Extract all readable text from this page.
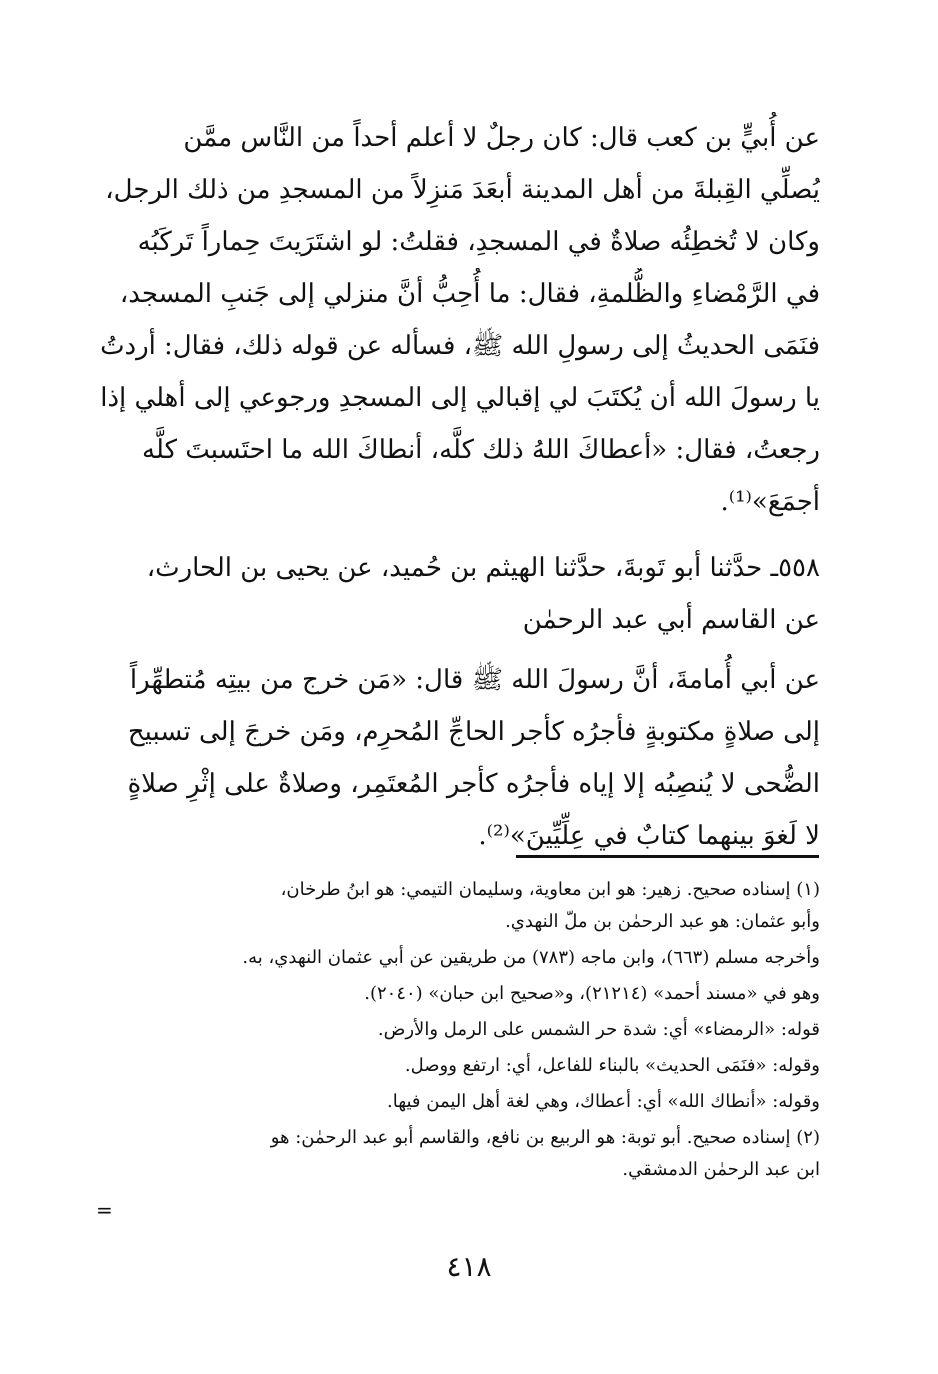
عن أُبيٍّ بن كعب قال: كان رجلٌ لا أعلم أحداً من النَّاس ممَّن
يُصلِّي القِبلةَ من أهل المدينة أبعَدَ مَنزِلاً من المسجدِ من ذلك الرجل،
وكان لا تُخطِئُه صلاةٌ في المسجدِ، فقلتُ: لو اشتَرَيتَ حِماراً تَركَبُه
في الرَّمْضاءِ والظُّلمةِ، فقال: ما أُحِبُّ أنَّ منزلي إلى جَنبِ المسجد،
فنَمَى الحديثُ إلى رسولِ الله ﷺ، فسأله عن قوله ذلك، فقال: أردتُ
يا رسولَ الله أن يُكتَبَ لي إقبالي إلى المسجدِ ورجوعي إلى أهلي إذا
رجعتُ، فقال: «أعطاكَ اللهُ ذلك كلَّه، أنطاكَ الله ما احتَسبتَ كلَّه
أجمَعَ»⁽¹⁾.
٥٥٨ـ حدَّثنا أبو تَوبةَ، حدَّثنا الهيثم بن حُميد، عن يحيى بن الحارث،
عن القاسم أبي عبد الرحمٰن
عن أبي أُمامةَ، أنَّ رسولَ الله ﷺ قال: «مَن خرج من بيتِه مُتطهِّراً
إلى صلاةٍ مكتوبةٍ فأجرُه كأجر الحاجِّ المُحرِم، ومَن خرجَ إلى تسبيح
الضُّحى لا يُنصِبُه إلا إياه فأجرُه كأجر المُعتَمِر، وصلاةٌ على إثْرِ صلاةٍ
لا لَغوَ بينهما كتابٌ في عِلِّيِّينَ»⁽²⁾.
(١) إسناده صحيح. زهير: هو ابن معاوية، وسليمان التيمي: هو ابنُ طرخان،
وأبو عثمان: هو عبد الرحمٰن بن ملّ النهدي.
وأخرجه مسلم (٦٦٣)، وابن ماجه (٧٨٣) من طريقين عن أبي عثمان النهدي، به.
وهو في «مسند أحمد» (٢١٢١٤)، و«صحيح ابن حبان» (٢٠٤٠).
قوله: «الرمضاء» أي: شدة حر الشمس على الرمل والأرض.
وقوله: «فنَمَى الحديث» بالبناء للفاعل، أي: ارتفع ووصل.
وقوله: «أنطاك الله» أي: أعطاك، وهي لغة أهل اليمن فيها.
(٢) إسناده صحيح. أبو توبة: هو الربيع بن نافع، والقاسم أبو عبد الرحمٰن: هو
ابن عبد الرحمٰن الدمشقي.
=
٤١٨
